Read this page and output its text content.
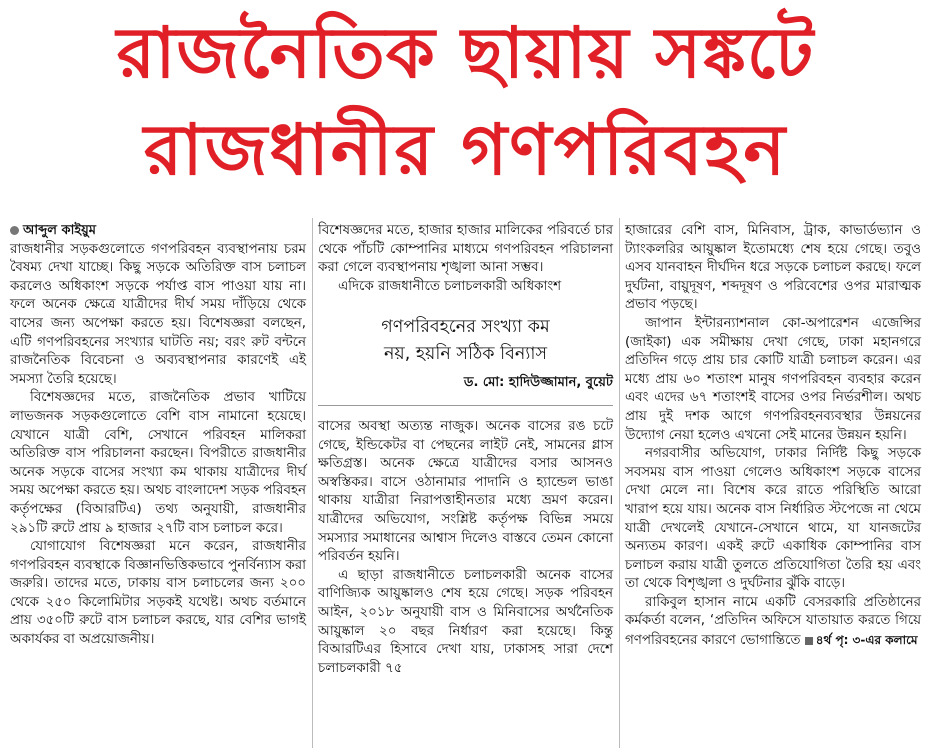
রাজনৈতিক ছায়ায় সঙ্কটে
রাজধানীর গণপরিবহন

আব্দুল কাইয়ুম

রাজধানীর সড়কগুলোতে গণপরিবহন ব্যবস্থাপনায় চরম বৈষম্য দেখা যাচ্ছে। কিছু সড়কে অতিরিক্ত বাস চলাচল করলেও অধিকাংশ সড়কে পর্যাপ্ত বাস পাওয়া যায় না। ফলে অনেক ক্ষেত্রে যাত্রীদের দীর্ঘ সময় দাঁড়িয়ে থেকে বাসের জন্য অপেক্ষা করতে হয়। বিশেষজ্ঞরা বলছেন, এটি গণপরিবহনের সংখ্যার ঘাটতি নয়; বরং রুট বন্টনে রাজনৈতিক বিবেচনা ও অব্যবস্থাপনার কারণেই এই সমস্যা তৈরি হয়েছে।

বিশেষজ্ঞদের মতে, রাজনৈতিক প্রভাব খাটিয়ে লাভজনক সড়কগুলোতে বেশি বাস নামানো হয়েছে। যেখানে যাত্রী বেশি, সেখানে পরিবহন মালিকরা অতিরিক্ত বাস পরিচালনা করছেন। বিপরীতে রাজধানীর অনেক সড়কে বাসের সংখ্যা কম থাকায় যাত্রীদের দীর্ঘ সময় অপেক্ষা করতে হয়। অথচ বাংলাদেশ সড়ক পরিবহন কর্তৃপক্ষের (বিআরটিএ) তথ্য অনুযায়ী, রাজধানীর ২৯১টি রুটে প্রায় ৯ হাজার ২৭টি বাস চলাচল করে।

যোগাযোগ বিশেষজ্ঞরা মনে করেন, রাজধানীর গণপরিবহন ব্যবস্থাকে বিজ্ঞানভিত্তিকভাবে পুনর্বিন্যাস করা জরুরি। তাদের মতে, ঢাকায় বাস চলাচলের জন্য ২০০ থেকে ২৫০ কিলোমিটার সড়কই যথেষ্ট। অথচ বর্তমানে প্রায় ৩৫০টি রুটে বাস চলাচল করছে, যার বেশির ভাগই অকার্যকর বা অপ্রয়োজনীয়।

বিশেষজ্ঞদের মতে, হাজার হাজার মালিকের পরিবর্তে চার থেকে পাঁচটি কোম্পানির মাধ্যমে গণপরিবহন পরিচালনা করা গেলে ব্যবস্থাপনায় শৃঙ্খলা আনা সম্ভব।

এদিকে রাজধানীতে চলাচলকারী অধিকাংশ

গণপরিবহনের সংখ্যা কম
নয়, হয়নি সঠিক বিন্যাস
ড. মো: হাদিউজ্জামান, বুয়েট

বাসের অবস্থা অত্যন্ত নাজুক। অনেক বাসের রঙ চটে গেছে, ইন্ডিকেটর বা পেছনের লাইট নেই, সামনের গ্লাস ক্ষতিগ্রস্ত। অনেক ক্ষেত্রে যাত্রীদের বসার আসনও অস্বস্তিকর। বাসে ওঠানামার পাদানি ও হ্যান্ডেল ভাঙা থাকায় যাত্রীরা নিরাপত্তাহীনতার মধ্যে ভ্রমণ করেন। যাত্রীদের অভিযোগ, সংশ্লিষ্ট কর্তৃপক্ষ বিভিন্ন সময়ে সমস্যার সমাধানের আশ্বাস দিলেও বাস্তবে তেমন কোনো পরিবর্তন হয়নি।

এ ছাড়া রাজধানীতে চলাচলকারী অনেক বাসের বাণিজ্যিক আয়ুষ্কালও শেষ হয়ে গেছে। সড়ক পরিবহন আইন, ২০১৮ অনুযায়ী বাস ও মিনিবাসের অর্থনৈতিক আয়ুষ্কাল ২০ বছর নির্ধারণ করা হয়েছে। কিন্তু বিআরটিএর হিসাবে দেখা যায়, ঢাকাসহ সারা দেশে চলাচলকারী ৭৫

হাজারের বেশি বাস, মিনিবাস, ট্রাক, কাভার্ডভ্যান ও ট্যাংকলরির আয়ুষ্কাল ইতোমধ্যে শেষ হয়ে গেছে। তবুও এসব যানবাহন দীর্ঘদিন ধরে সড়কে চলাচল করছে। ফলে দুর্ঘটনা, বায়ুদূষণ, শব্দদূষণ ও পরিবেশের ওপর মারাত্মক প্রভাব পড়ছে।

জাপান ইন্টারন্যাশনাল কো-অপারেশন এজেন্সির (জাইকা) এক সমীক্ষায় দেখা গেছে, ঢাকা মহানগরে প্রতিদিন গড়ে প্রায় চার কোটি যাত্রী চলাচল করেন। এর মধ্যে প্রায় ৬০ শতাংশ মানুষ গণপরিবহন ব্যবহার করেন এবং এদের ৬৭ শতাংশই বাসের ওপর নির্ভরশীল। অথচ প্রায় দুই দশক আগে গণপরিবহনব্যবস্থার উন্নয়নের উদ্যোগ নেয়া হলেও এখনো সেই মানের উন্নয়ন হয়নি।

নগরবাসীর অভিযোগ, ঢাকার নির্দিষ্ট কিছু সড়কে সবসময় বাস পাওয়া গেলেও অধিকাংশ সড়কে বাসের দেখা মেলে না। বিশেষ করে রাতে পরিস্থিতি আরো খারাপ হয়ে যায়। অনেক বাস নির্ধারিত স্টপেজে না থেমে যাত্রী দেখলেই যেখানে-সেখানে থামে, যা যানজটের অন্যতম কারণ। একই রুটে একাধিক কোম্পানির বাস চলাচল করায় যাত্রী তুলতে প্রতিযোগিতা তৈরি হয় এবং তা থেকে বিশৃঙ্খলা ও দুর্ঘটনার ঝুঁকি বাড়ে।

রাকিবুল হাসান নামে একটি বেসরকারি প্রতিষ্ঠানের কর্মকর্তা বলেন, ‘প্রতিদিন অফিসে যাতায়াত করতে গিয়ে গণপরিবহনের কারণে ভোগান্তিতে ৪র্থ পৃ: ৩-এর কলামে
